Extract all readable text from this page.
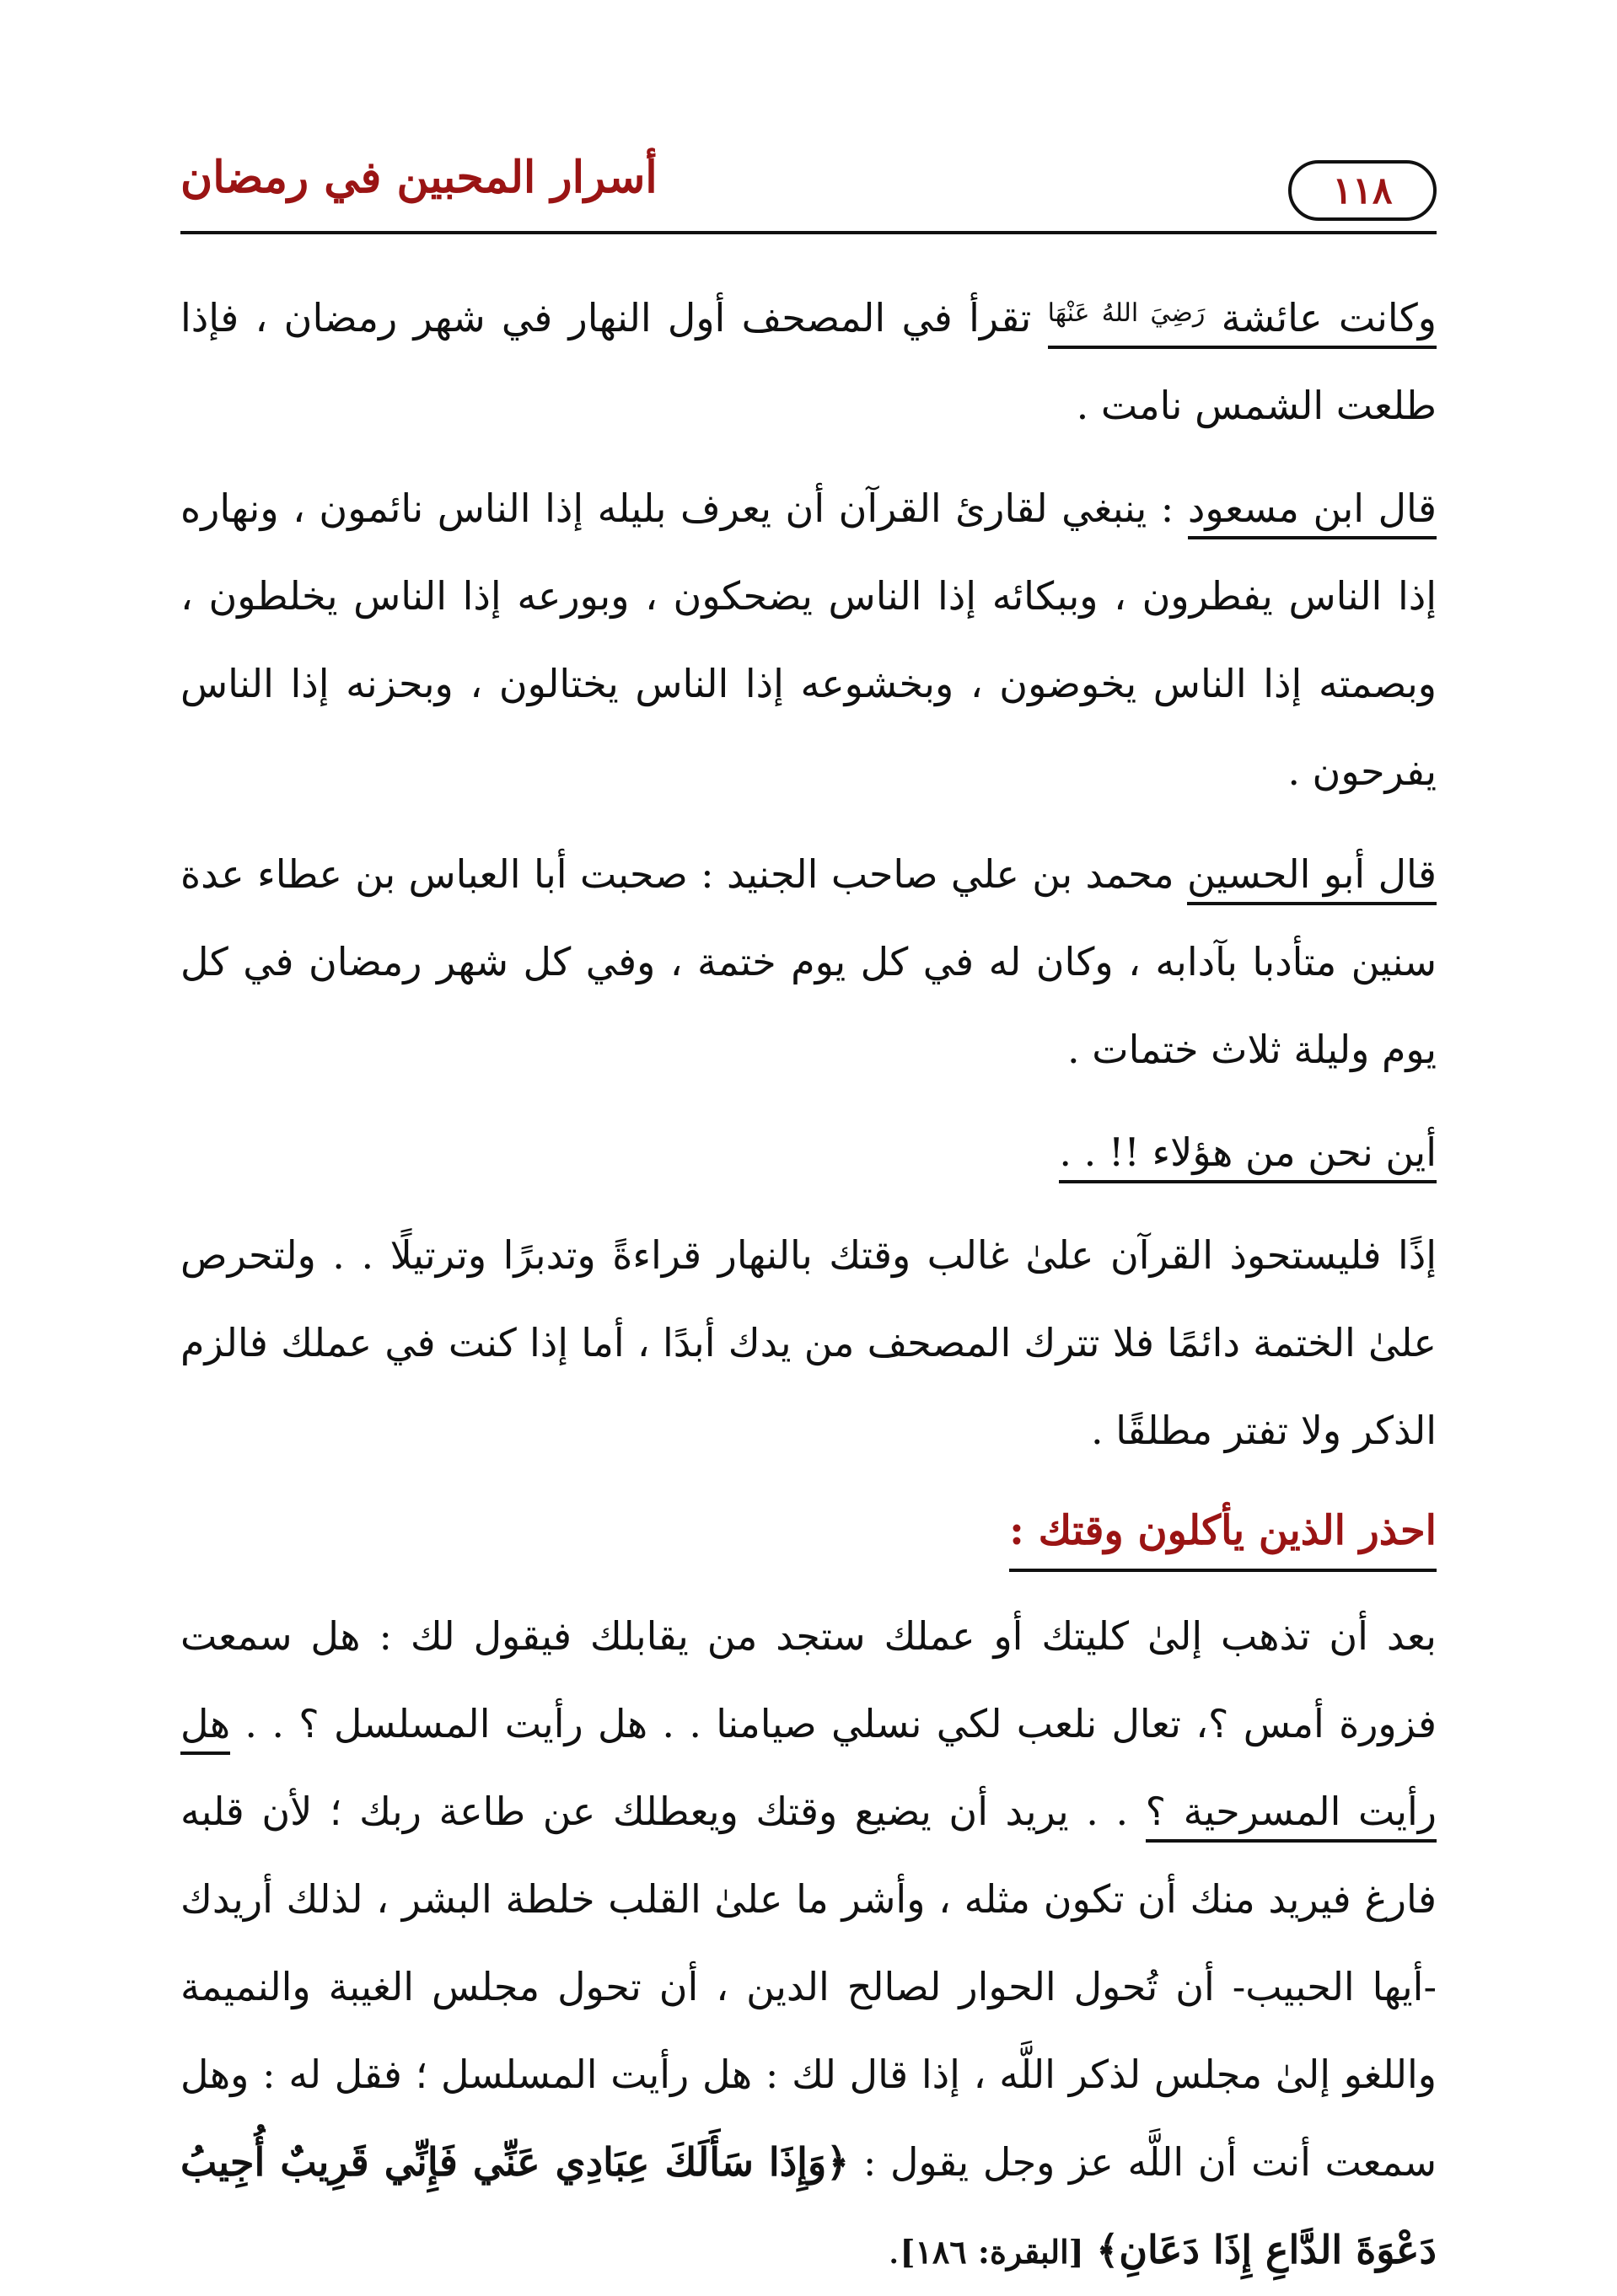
١١٨
أسرار المحبين في رمضان

وكانت عائشة $^{رَضِيَ اللهُ عَنْهَا}$ تقرأ في المصحف أول النهار في شهر رمضان ، فإذا طلعت الشمس نامت .

قال ابن مسعود : ينبغي لقارئ القرآن أن يعرف بليله إذا الناس نائمون ، ونهاره إذا الناس يفطرون ، وببكائه إذا الناس يضحكون ، وبورعه إذا الناس يخلطون ، وبصمته إذا الناس يخوضون ، وبخشوعه إذا الناس يختالون ، وبحزنه إذا الناس يفرحون .

قال أبو الحسين محمد بن علي صاحب الجنيد : صحبت أبا العباس بن عطاء عدة سنين متأدبا بآدابه ، وكان له في كل يوم ختمة ، وفي كل شهر رمضان في كل يوم وليلة ثلاث ختمات .

أين نحن من هؤلاء !! . .

إذًا فليستحوذ القرآن علىٰ غالب وقتك بالنهار قراءةً وتدبرًا وترتيلًا . . ولتحرص علىٰ الختمة دائمًا فلا تترك المصحف من يدك أبدًا ، أما إذا كنت في عملك فالزم الذكر ولا تفتر مطلقًا .

احذر الذين يأكلون وقتك :

بعد أن تذهب إلىٰ كليتك أو عملك ستجد من يقابلك فيقول لك : هل سمعت فزورة أمس ؟، تعال نلعب لكي نسلي صيامنا . . هل رأيت المسلسل ؟ . . هل رأيت المسرحية ؟ . . يريد أن يضيع وقتك ويعطلك عن طاعة ربك ؛ لأن قلبه فارغ فيريد منك أن تكون مثله ، وأشر ما علىٰ القلب خلطة البشر ، لذلك أريدك -أيها الحبيب- أن تُحول الحوار لصالح الدين ، أن تحول مجلس الغيبة والنميمة واللغو إلىٰ مجلس لذكر اللَّه ، إذا قال لك : هل رأيت المسلسل ؛ فقل له : وهل سمعت أنت أن اللَّه عز وجل يقول : ﴿وَإِذَا سَأَلَكَ عِبَادِي عَنِّي فَإِنِّي قَرِيبٌ أُجِيبُ دَعْوَةَ الدَّاعِ إِذَا دَعَانِ﴾ [البقرة: ١٨٦].
